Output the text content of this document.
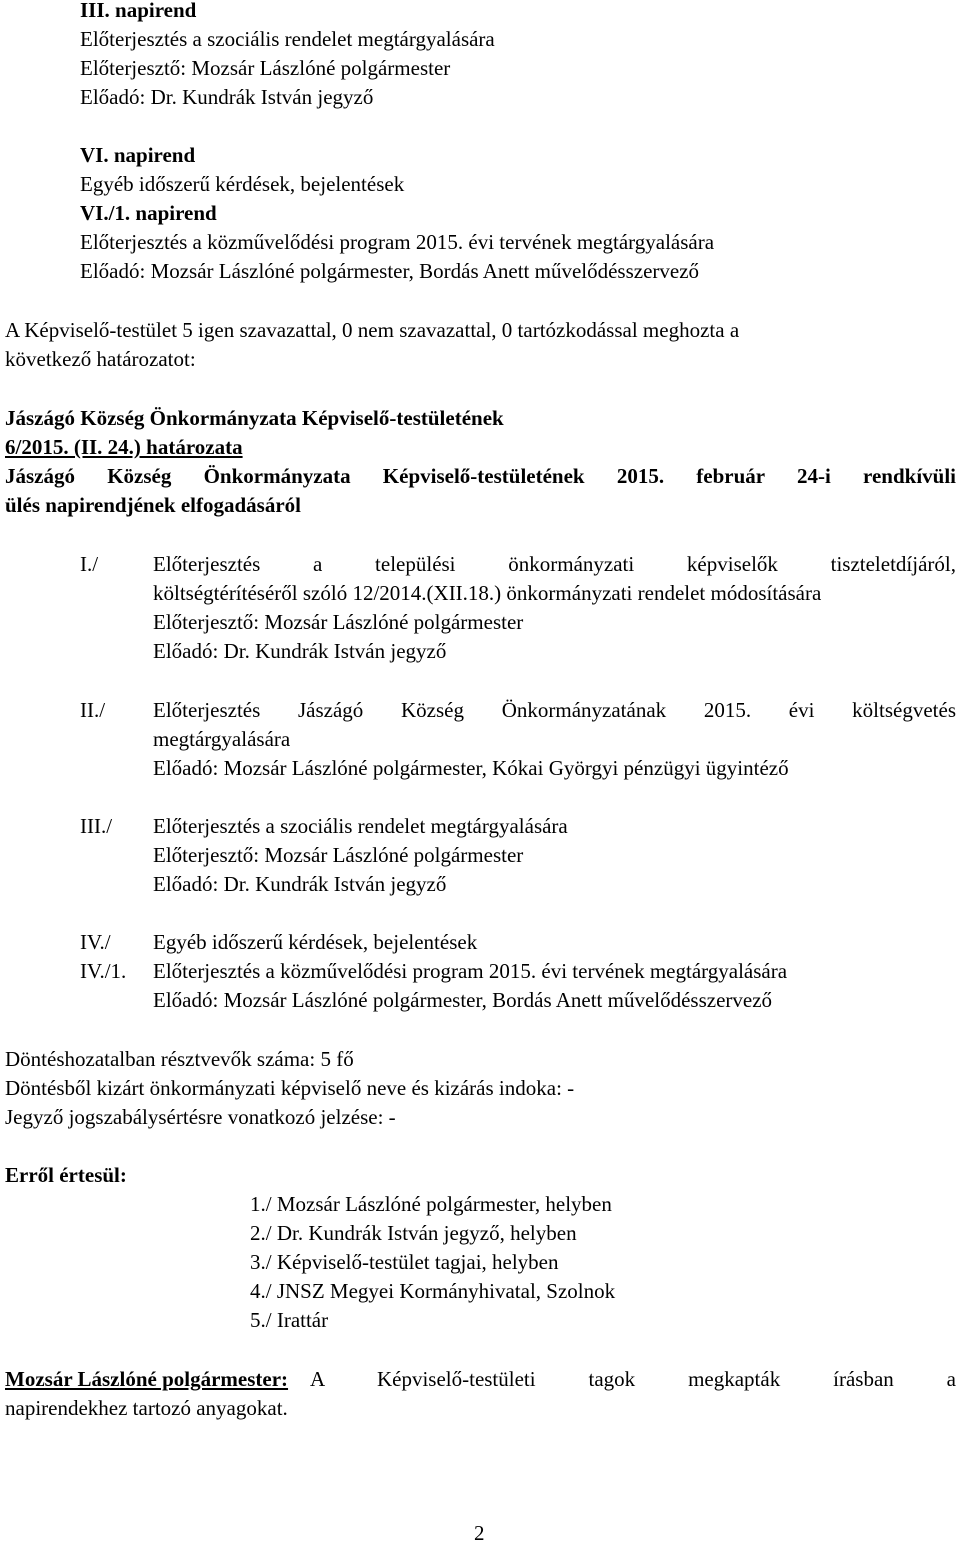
III. napirend
Előterjesztés a szociális rendelet megtárgyalására
Előterjesztő: Mozsár Lászlóné polgármester
Előadó: Dr. Kundrák István jegyző
VI. napirend
Egyéb időszerű kérdések, bejelentések
VI./1. napirend
Előterjesztés a közművelődési program 2015. évi tervének megtárgyalására
Előadó: Mozsár Lászlóné polgármester, Bordás Anett művelődésszervező
A Képviselő-testület 5 igen szavazattal, 0 nem szavazattal, 0 tartózkodással meghozta a
következő határozatot:
Jászágó Község Önkormányzata Képviselő-testületének
6/2015. (II. 24.) határozata
Jászágó Község Önkormányzata Képviselő-testületének 2015. február 24-i rendkívüli
ülés napirendjének elfogadásáról
I./	Előterjesztés a települési önkormányzati képviselők tiszteletdíjáról,
költségtérítéséről szóló 12/2014.(XII.18.) önkormányzati rendelet módosítására
Előterjesztő: Mozsár Lászlóné polgármester
Előadó: Dr. Kundrák István jegyző
II./ Előterjesztés Jászágó Község Önkormányzatának 2015. évi költségvetés
megtárgyalására
Előadó: Mozsár Lászlóné polgármester, Kókai Györgyi pénzügyi ügyintéző
III./ Előterjesztés a szociális rendelet megtárgyalására
Előterjesztő: Mozsár Lászlóné polgármester
Előadó: Dr. Kundrák István jegyző
IV./ Egyéb időszerű kérdések, bejelentések
IV./1. Előterjesztés a közművelődési program 2015. évi tervének megtárgyalására
Előadó: Mozsár Lászlóné polgármester, Bordás Anett művelődésszervező
Döntéshozatalban résztvevők száma: 5 fő
Döntésből kizárt önkormányzati képviselő neve és kizárás indoka: -
Jegyző jogszabálysértésre vonatkozó jelzése: -
Erről értesül:
1./ Mozsár Lászlóné polgármester, helyben
2./ Dr. Kundrák István jegyző, helyben
3./ Képviselő-testület tagjai, helyben
4./ JNSZ Megyei Kormányhivatal, Szolnok
5./ Irattár
Mozsár Lászlóné polgármester: A Képviselő-testületi tagok megkapták írásban a
napirendekhez tartozó anyagokat.
2
